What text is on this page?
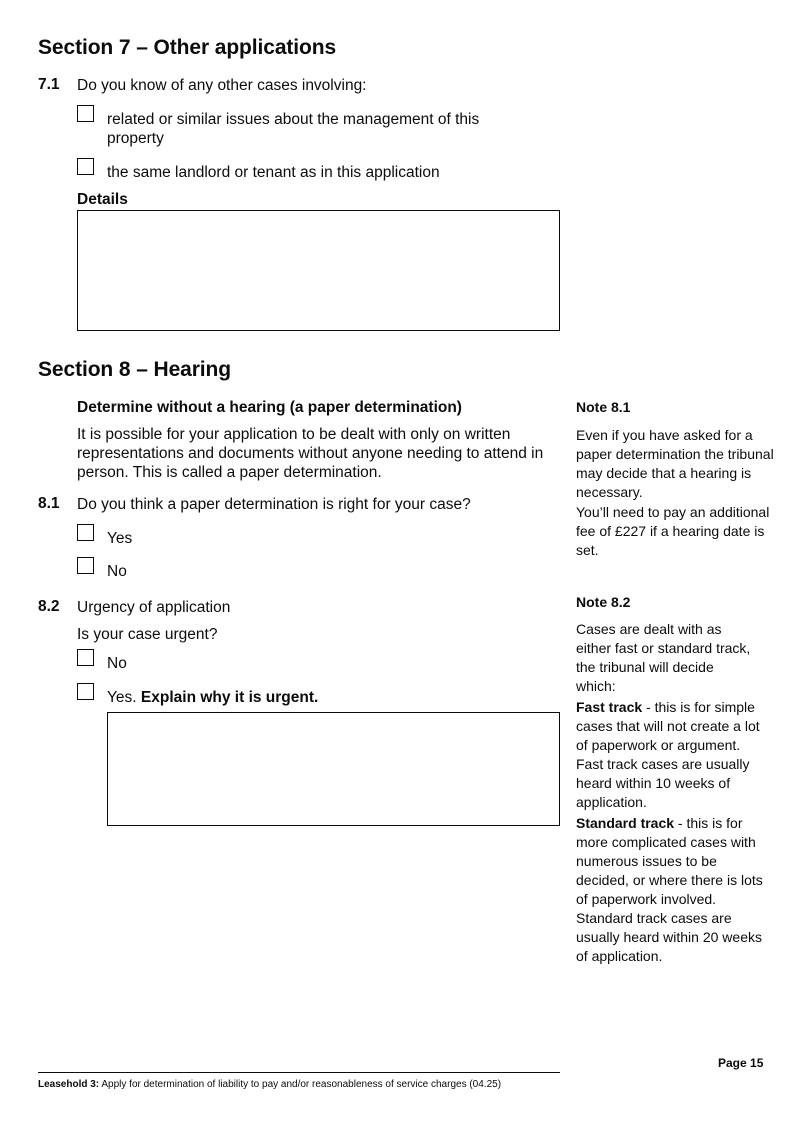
Section 7 – Other applications
7.1 Do you know of any other cases involving:
related or similar issues about the management of this property
the same landlord or tenant as in this application
Details
Section 8 – Hearing
Determine without a hearing (a paper determination)
It is possible for your application to be dealt with only on written representations and documents without anyone needing to attend in person. This is called a paper determination.
8.1 Do you think a paper determination is right for your case?
Yes
No
8.2 Urgency of application
Is your case urgent?
No
Yes. Explain why it is urgent.
Note 8.1
Even if you have asked for a paper determination the tribunal may decide that a hearing is necessary.
You’ll need to pay an additional fee of £227 if a hearing date is set.
Note 8.2
Cases are dealt with as either fast or standard track, the tribunal will decide which:
Fast track - this is for simple cases that will not create a lot of paperwork or argument. Fast track cases are usually heard within 10 weeks of application.
Standard track - this is for more complicated cases with numerous issues to be decided, or where there is lots of paperwork involved. Standard track cases are usually heard within 20 weeks of application.
Page 15
Leasehold 3: Apply for determination of liability to pay and/or reasonableness of service charges (04.25)
